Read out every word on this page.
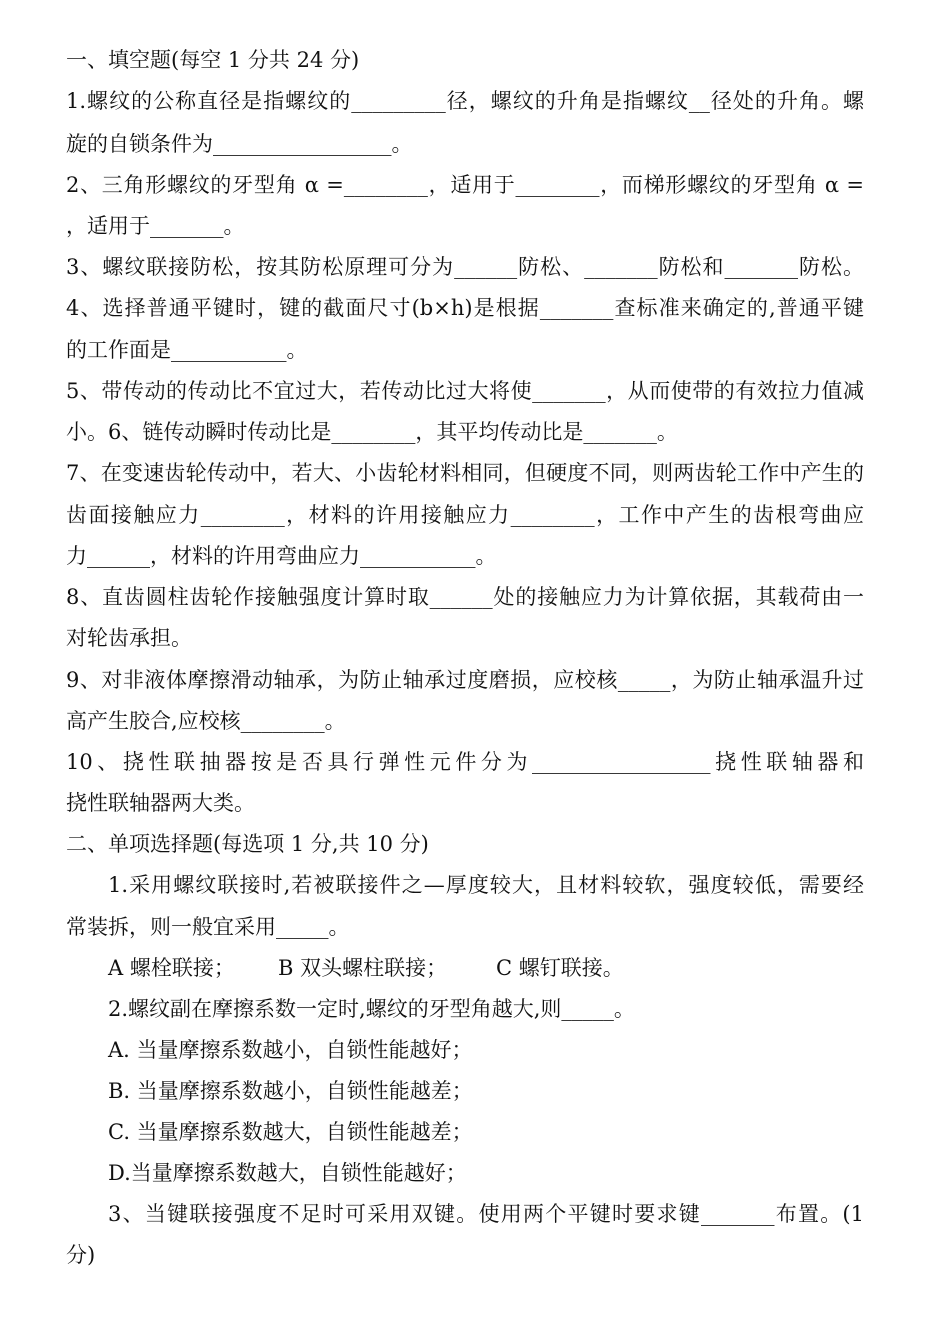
一、填空题(每空 1 分共 24 分)
1.螺纹的公称直径是指螺纹的_________径，螺纹的升角是指螺纹__径处的升角。螺
旋的自锁条件为_________________。
2、三角形螺纹的牙型角 α =________，适用于________，而梯形螺纹的牙型角 α =
，适用于_______。
3、螺纹联接防松，按其防松原理可分为______防松、_______防松和_______防松。
4、选择普通平键时，键的截面尺寸(b×h)是根据_______查标准来确定的,普通平键
的工作面是___________。
5、带传动的传动比不宜过大，若传动比过大将使_______，从而使带的有效拉力值减
小。6、链传动瞬时传动比是________，其平均传动比是_______。
7、在变速齿轮传动中，若大、小齿轮材料相同，但硬度不同，则两齿轮工作中产生的
齿面接触应力________，材料的许用接触应力________，工作中产生的齿根弯曲应
力______，材料的许用弯曲应力___________。
8、直齿圆柱齿轮作接触强度计算时取______处的接触应力为计算依据，其载荷由一
对轮齿承担。
9、对非液体摩擦滑动轴承，为防止轴承过度磨损，应校核_____，为防止轴承温升过
高产生胶合,应校核________。
10、挠性联抽器按是否具行弹性元件分为_________________挠性联轴器和
挠性联轴器两大类。
二、单项选择题(每选项 1 分,共 10 分)
1.采用螺纹联接时,若被联接件之—厚度较大，且材料较软，强度较低，需要经
常装拆，则一般宜采用_____。
A 螺栓联接； B 双头螺柱联接； C 螺钉联接。
2.螺纹副在摩擦系数一定时,螺纹的牙型角越大,则_____。
A. 当量摩擦系数越小，自锁性能越好；
B. 当量摩擦系数越小，自锁性能越差；
C. 当量摩擦系数越大，自锁性能越差；
D.当量摩擦系数越大，自锁性能越好；
3、当键联接强度不足时可采用双键。使用两个平键时要求键_______布置。(1
分)
